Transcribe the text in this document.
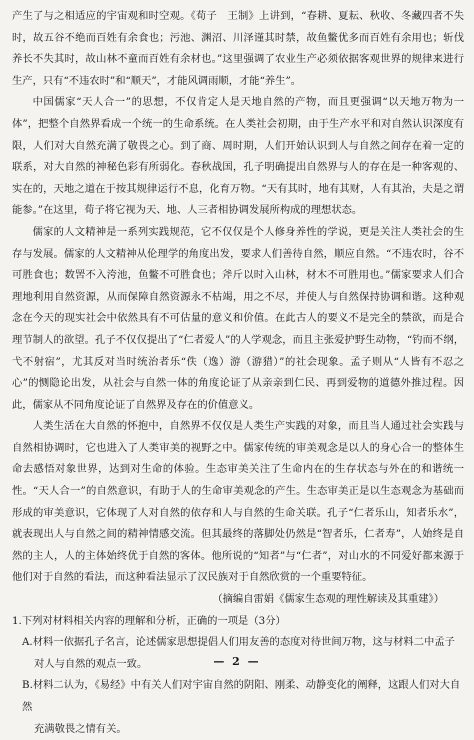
产生了与之相适应的宇宙观和时空观。《荀子　王制》上讲到，“春耕、夏耘、秋收、冬藏四者不失时，故五谷不绝而百姓有余食也；污池、渊沼、川泽谨其时禁，故鱼鳖优多而百姓有余用也；斩伐养长不失其时，故山林不童而百姓有余材也。”这里强调了农业生产必须依据客观世界的规律来进行生产，只有“不违农时”和“顺天”，才能风调雨顺，才能“养生”。

中国儒家“天人合一”的思想，不仅肯定人是天地自然的产物，而且更强调“以天地万物为一体”，把整个自然界看成一个统一的生命系统。在人类社会初期，由于生产水平和对自然认识深度有限，人们对大自然充满了敬畏之心。到了商、周时期，人们开始认识到人与自然之间存在着一定的联系，对大自然的神秘色彩有所弱化。春秋战国，孔子明确提出自然界与人的存在是一种客观的、实在的，天地之道在于按其规律运行不息，化育万物。“天有其时，地有其财，人有其治，夫是之谓能参。”在这里，荀子将它视为天、地、人三者相协调发展所构成的理想状态。

儒家的人文精神是一系列实践规范，它不仅仅是个人修身养性的学说，更是关注人类社会的生存与发展。儒家的人文精神从伦理学的角度出发，要求人们善待自然，顺应自然。“不违农时，谷不可胜食也；数罟不入洿池，鱼鳖不可胜食也；斧斤以时入山林，材木不可胜用也。”儒家要求人们合理地利用自然资源，从而保障自然资源永不枯竭，用之不尽，并使人与自然保持协调和谐。这种观念在今天的现实社会中依然具有不可估量的意义和价值。在此古人的要义不是完全的禁欲，而是合理节制人的欲望。孔子不仅仅提出了“仁者爱人”的人学观念，而且主张爱护野生动物，“钓而不纲，弋不射宿”，尤其反对当时统治者乐“佚（逸）游（游猎）”的社会现象。孟子则从“人皆有不忍之心”的恻隐论出发，从社会与自然一体的角度论证了从亲亲到仁民、再到爱物的道德外推过程。因此，儒家从不同角度论证了自然界及存在的价值意义。

人类生活在大自然的怀抱中，自然界不仅仅是人类生产实践的对象，而且当人通过社会实践与自然相协调时，它也进入了人类审美的视野之中。儒家传统的审美观念是以人的身心合一的整体生命去感悟对象世界，达到对生命的体验。生态审美关注了生命内在的生存状态与外在的和谐统一性。“天人合一”的自然意识，有助于人的生命审美观念的产生。生态审美正是以生态观念为基础而形成的审美意识，它体现了人对自然的依存和人与自然的生命关联。孔子“仁者乐山，知者乐水”，就表现出人与自然之间的精神情感交流。但其最终的落脚处仍然是“智者乐，仁者寿”，人始终是自然的主人，人的主体始终优于自然的客体。他所说的“知者”与“仁者”，对山水的不同爱好都来源于他们对于自然的看法，而这种看法显示了汉民族对于自然欣赏的一个重要特征。

（摘编自雷娟《儒家生态观的理性解读及其重建》）

1.下列对材料相关内容的理解和分析，正确的一项是（3分）

A.材料一依据孔子名言，论述儒家思想提倡人们用友善的态度对待世间万物，这与材料二中孟子

对人与自然的观点一致。

B.材料二认为，《易经》中有关人们对宇宙自然的阴阳、刚柔、动静变化的阐释，这跟人们对大自然

充满敬畏之情有关。

— 2 —
